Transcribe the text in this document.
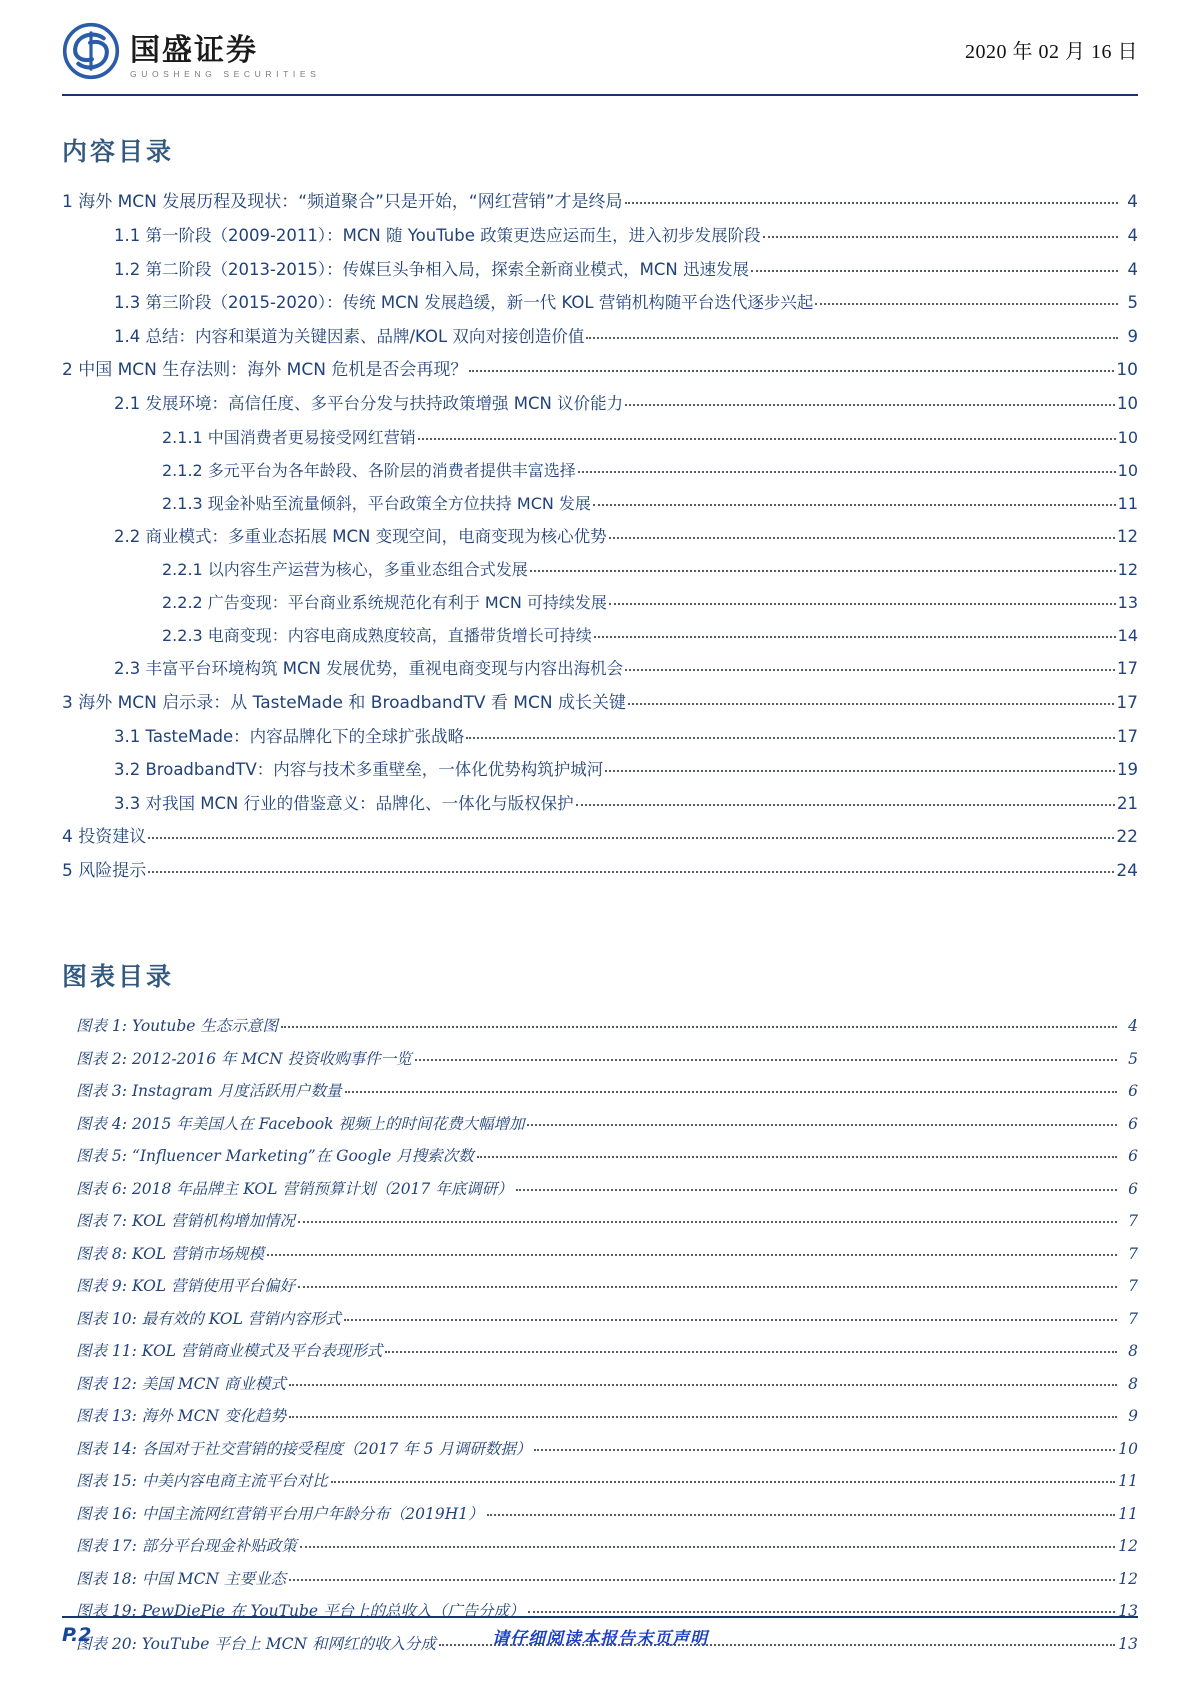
国盛证券
GUOSHENG SECURITIES
2020 年 02 月 16 日
内容目录
1 海外 MCN 发展历程及现状：“频道聚合”只是开始，“网红营销”才是终局	4
1.1 第一阶段（2009-2011）：MCN 随 YouTube 政策更迭应运而生，进入初步发展阶段	4
1.2 第二阶段（2013-2015）：传媒巨头争相入局，探索全新商业模式，MCN 迅速发展	4
1.3 第三阶段（2015-2020）：传统 MCN 发展趋缓，新一代 KOL 营销机构随平台迭代逐步兴起	5
1.4 总结：内容和渠道为关键因素、品牌/KOL 双向对接创造价值	9
2 中国 MCN 生存法则：海外 MCN 危机是否会再现？	10
2.1 发展环境：高信任度、多平台分发与扶持政策增强 MCN 议价能力	10
2.1.1 中国消费者更易接受网红营销	10
2.1.2 多元平台为各年龄段、各阶层的消费者提供丰富选择	10
2.1.3 现金补贴至流量倾斜，平台政策全方位扶持 MCN 发展	11
2.2 商业模式：多重业态拓展 MCN 变现空间，电商变现为核心优势	12
2.2.1 以内容生产运营为核心，多重业态组合式发展	12
2.2.2 广告变现：平台商业系统规范化有利于 MCN 可持续发展	13
2.2.3 电商变现：内容电商成熟度较高，直播带货增长可持续	14
2.3 丰富平台环境构筑 MCN 发展优势，重视电商变现与内容出海机会	17
3 海外 MCN 启示录：从 TasteMade 和 BroadbandTV 看 MCN 成长关键	17
3.1 TasteMade：内容品牌化下的全球扩张战略	17
3.2 BroadbandTV：内容与技术多重壁垒，一体化优势构筑护城河	19
3.3 对我国 MCN 行业的借鉴意义：品牌化、一体化与版权保护	21
4 投资建议	22
5 风险提示	24
图表目录
图表 1: Youtube 生态示意图	4
图表 2: 2012-2016 年 MCN 投资收购事件一览	5
图表 3: Instagram 月度活跃用户数量	6
图表 4: 2015 年美国人在 Facebook 视频上的时间花费大幅增加	6
图表 5: “Influencer Marketing”在 Google 月搜索次数	6
图表 6: 2018 年品牌主 KOL 营销预算计划（2017 年底调研）	6
图表 7: KOL 营销机构增加情况	7
图表 8: KOL 营销市场规模	7
图表 9: KOL 营销使用平台偏好	7
图表 10: 最有效的 KOL 营销内容形式	7
图表 11: KOL 营销商业模式及平台表现形式	8
图表 12: 美国 MCN 商业模式	8
图表 13: 海外 MCN 变化趋势	9
图表 14: 各国对于社交营销的接受程度（2017 年 5 月调研数据）	10
图表 15: 中美内容电商主流平台对比	11
图表 16: 中国主流网红营销平台用户年龄分布（2019H1）	11
图表 17: 部分平台现金补贴政策	12
图表 18: 中国 MCN 主要业态	12
图表 19: PewDiePie 在 YouTube 平台上的总收入（广告分成）	13
图表 20: YouTube 平台上 MCN 和网红的收入分成	13
P.2	请仔细阅读本报告末页声明
